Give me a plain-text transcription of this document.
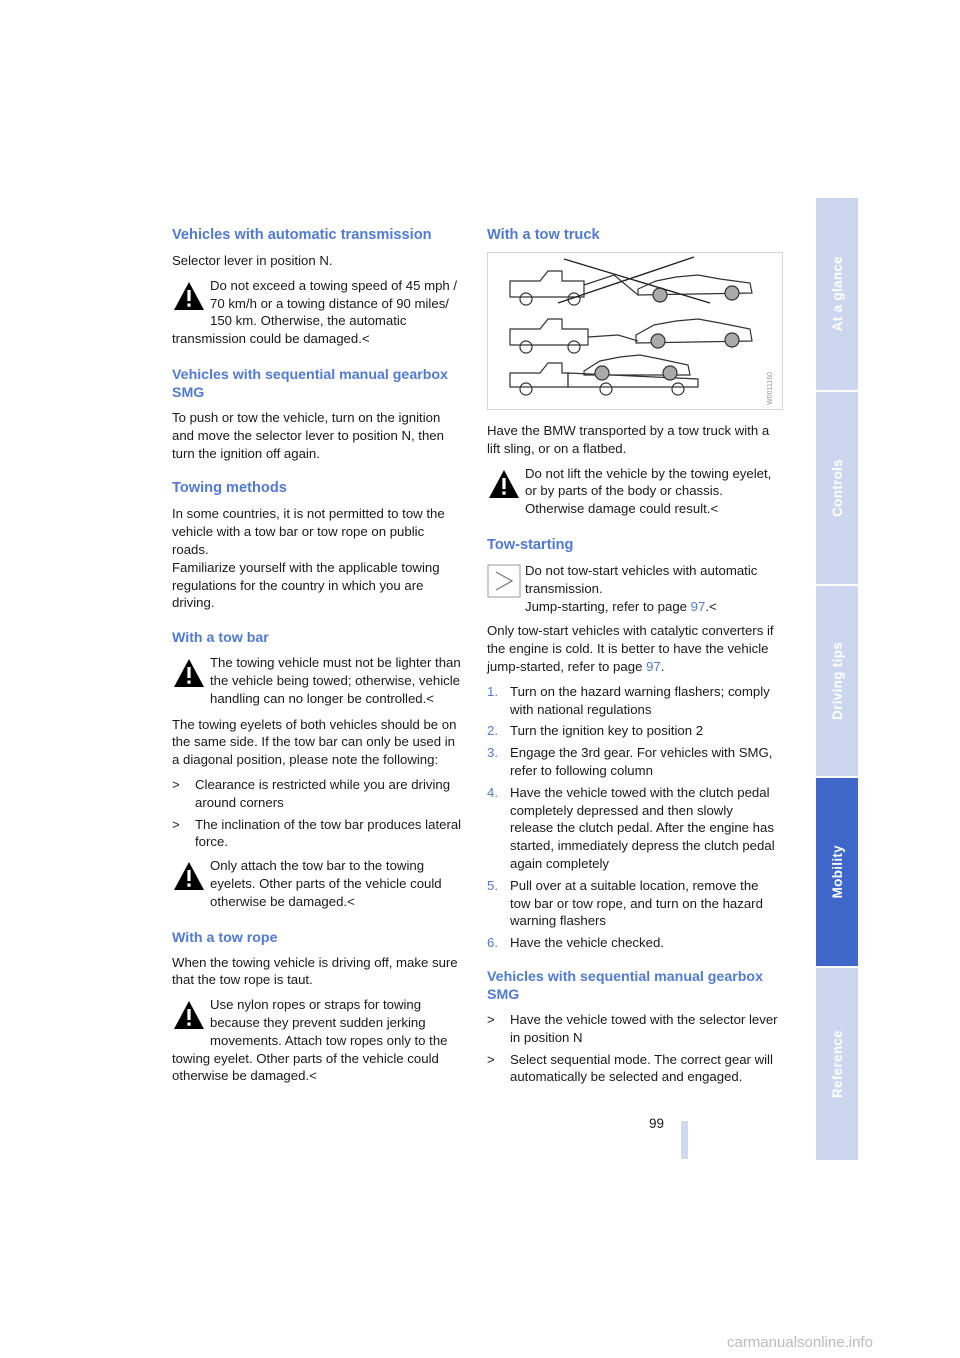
Vehicles with automatic transmission

Selector lever in position N.

Do not exceed a towing speed of 45 mph / 70 km/h or a towing distance of 90 miles/ 150 km. Otherwise, the automatic transmission could be damaged.<
Vehicles with sequential manual gearbox SMG

To push or tow the vehicle, turn on the ignition and move the selector lever to position N, then turn the ignition off again.

Towing methods

In some countries, it is not permitted to tow the vehicle with a tow bar or tow rope on public roads.

Familiarize yourself with the applicable towing regulations for the country in which you are driving.

With a tow bar
The towing vehicle must not be lighter than the vehicle being towed; otherwise, vehicle handling can no longer be controlled.<

The towing eyelets of both vehicles should be on the same side. If the tow bar can only be used in a diagonal position, please note the following:

> Clearance is restricted while you are driving around corners
> The inclination of the tow bar produces lateral force.
Only attach the tow bar to the towing eyelets. Other parts of the vehicle could otherwise be damaged.<
With a tow rope

When the towing vehicle is driving off, make sure that the tow rope is taut.

Use nylon ropes or straps for towing because they prevent sudden jerking movements. Attach tow ropes only to the towing eyelet. Other parts of the vehicle could otherwise be damaged.<
With a tow truck
W0011160

Have the BMW transported by a tow truck with a lift sling, or on a flatbed.

Do not lift the vehicle by the towing eyelet, or by parts of the body or chassis. Otherwise damage could result.<
Tow-starting
Do not tow-start vehicles with automatic transmission.

Jump-starting, refer to page 97.<

Only tow-start vehicles with catalytic converters if the engine is cold. It is better to have the vehicle jump-started, refer to page 97.

1. Turn on the hazard warning flashers; comply with national regulations
2. Turn the ignition key to position 2
3. Engage the 3rd gear. For vehicles with SMG, refer to following column
4. Have the vehicle towed with the clutch pedal completely depressed and then slowly release the clutch pedal. After the engine has started, immediately depress the clutch pedal again completely
5. Pull over at a suitable location, remove the tow bar or tow rope, and turn on the hazard warning flashers
6. Have the vehicle checked.
Vehicles with sequential manual gearbox SMG
> Have the vehicle towed with the selector lever in position N
> Select sequential mode. The correct gear will automatically be selected and engaged.
99
At a glance
Controls
Driving tips
Mobility
Reference
carmanualsonline.info
